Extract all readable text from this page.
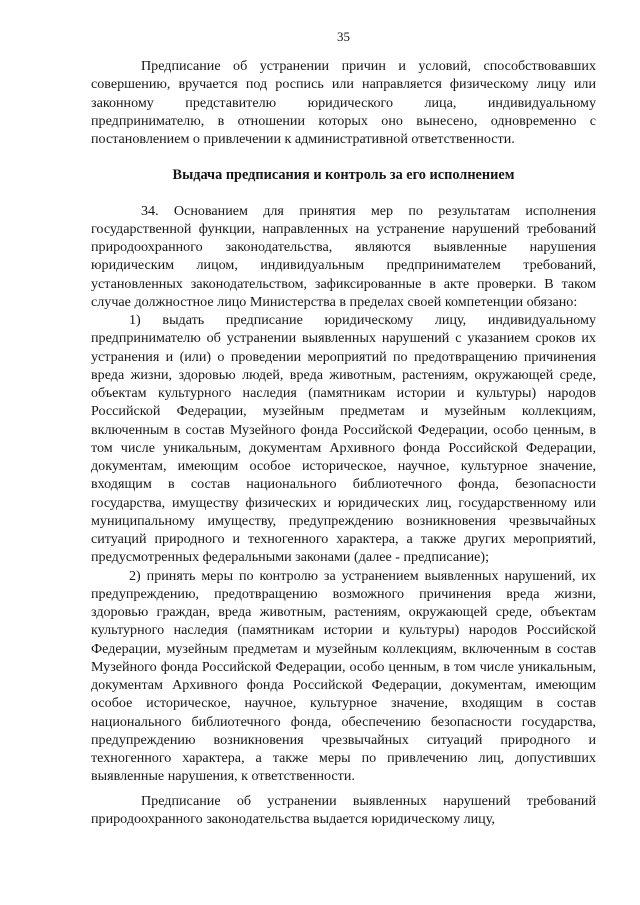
35

Предписание об устранении причин и условий, способствовавших совершению, вручается под роспись или направляется физическому лицу или законному представителю юридического лица, индивидуальному предпринимателю, в отношении которых оно вынесено, одновременно с постановлением о привлечении к административной ответственности.

Выдача предписания и контроль за его исполнением

34. Основанием для принятия мер по результатам исполнения государственной функции, направленных на устранение нарушений требований природоохранного законодательства, являются выявленные нарушения юридическим лицом, индивидуальным предпринимателем требований, установленных законодательством, зафиксированные в акте проверки. В таком случае должностное лицо Министерства в пределах своей компетенции обязано:

1) выдать предписание юридическому лицу, индивидуальному предпринимателю об устранении выявленных нарушений с указанием сроков их устранения и (или) о проведении мероприятий по предотвращению причинения вреда жизни, здоровью людей, вреда животным, растениям, окружающей среде, объектам культурного наследия (памятникам истории и культуры) народов Российской Федерации, музейным предметам и музейным коллекциям, включенным в состав Музейного фонда Российской Федерации, особо ценным, в том числе уникальным, документам Архивного фонда Российской Федерации, документам, имеющим особое историческое, научное, культурное значение, входящим в состав национального библиотечного фонда, безопасности государства, имуществу физических и юридических лиц, государственному или муниципальному имуществу, предупреждению возникновения чрезвычайных ситуаций природного и техногенного характера, а также других мероприятий, предусмотренных федеральными законами (далее - предписание);

2) принять меры по контролю за устранением выявленных нарушений, их предупреждению, предотвращению возможного причинения вреда жизни, здоровью граждан, вреда животным, растениям, окружающей среде, объектам культурного наследия (памятникам истории и культуры) народов Российской Федерации, музейным предметам и музейным коллекциям, включенным в состав Музейного фонда Российской Федерации, особо ценным, в том числе уникальным, документам Архивного фонда Российской Федерации, документам, имеющим особое историческое, научное, культурное значение, входящим в состав национального библиотечного фонда, обеспечению безопасности государства, предупреждению возникновения чрезвычайных ситуаций природного и техногенного характера, а также меры по привлечению лиц, допустивших выявленные нарушения, к ответственности.

Предписание об устранении выявленных нарушений требований природоохранного законодательства выдается юридическому лицу,
